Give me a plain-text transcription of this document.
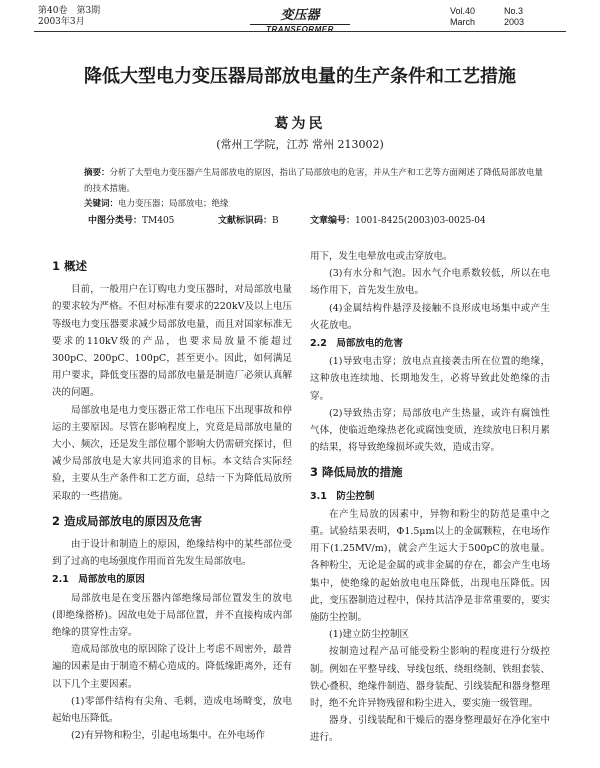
第40卷　第3期
2003年3月	变压器
TRANSFORMER
Vol.40	No.3
March	2003
降低大型电力变压器局部放电量的生产条件和工艺措施
葛为民
(常州工学院，江苏 常州 213002)
摘要：分析了大型电力变压器产生局部放电的原因，指出了局部放电的危害，并从生产和工艺等方面阐述了降低局部放电量的技术措施。
关键词：电力变压器；局部放电；绝缘
中图分类号：TM405	文献标识码：B	文章编号：1001-8425(2003)03-0025-04
1 概述

目前，一般用户在订购电力变压器时，对局部放电量的要求较为严格。不但对标准有要求的220kV及以上电压等级电力变压器要求减少局部放电量，而且对国家标准无要求的110kV级的产品，也要求局放量不能超过300pC、200pC、100pC，甚至更小。因此，如何满足用户要求，降低变压器的局部放电量是制造厂必须认真解决的问题。

局部放电是电力变压器正常工作电压下出现事故和停运的主要原因。尽管在影响程度上，究竟是局部放电量的大小、频次，还是发生部位哪个影响大仍需研究探讨，但减少局部放电是大家共同追求的目标。本文结合实际经验，主要从生产条件和工艺方面，总结一下为降低局放所采取的一些措施。

2 造成局部放电的原因及危害

由于设计和制造上的原因，绝缘结构中的某些部位受到了过高的电场强度作用而首先发生局部放电。

2.1　局部放电的原因

局部放电是在变压器内部绝缘局部位置发生的放电(即绝缘搭桥)。因故电处于局部位置，并不直接构成内部绝缘的贯穿性击穿。

造成局部放电的原因除了设计上考虑不周密外，最普遍的因素是由于制造不精心造成的。降低缘距离外，还有以下几个主要因素。

(1)零部件结构有尖角、毛刺，造成电场畸变，放电起始电压降低。

(2)有异物和粉尘，引起电场集中。在外电场作

用下，发生电晕放电或击穿放电。

(3)有水分和气泡。因水气介电系数较低，所以在电场作用下，首先发生放电。

(4)金属结构件悬浮及接触不良形成电场集中或产生火花放电。

2.2　局部放电的危害

(1)导致电击穿；放电点直接袭击所在位置的绝缘，这种放电连续地、长期地发生，必将导致此处绝缘的击穿。

(2)导致热击穿；局部放电产生热量，或许有腐蚀性气体，使临近绝缘热老化或腐蚀变质，连续放电日积月累的结果，将导致绝缘损坏或失效，造成击穿。

3 降低局放的措施
3.1　防尘控制

在产生局放的因素中，异物和粉尘的防范是重中之重。试验结果表明，Φ1.5μm以上的金属颗粒，在电场作用下(1.25MV/m)，就会产生远大于500pC的放电量。各种粉尘，无论是金属的或非金属的存在，都会产生电场集中，使绝缘的起始放电电压降低，出现电压降低。因此，变压器制造过程中，保持其洁净是非常重要的，要实施防尘控制。

(1)建立防尘控制区

按制造过程产品可能受粉尘影响的程度进行分级控制。例如在平整导线、导线包纸、绕组绕制、铁组套装、铁心叠积、绝缘件制造、器身装配、引线装配和器身整理时，绝不允许异物残留和粉尘进入，要实施一级管理。

器身、引线装配和干燥后的器身整理最好在净化室中进行。
